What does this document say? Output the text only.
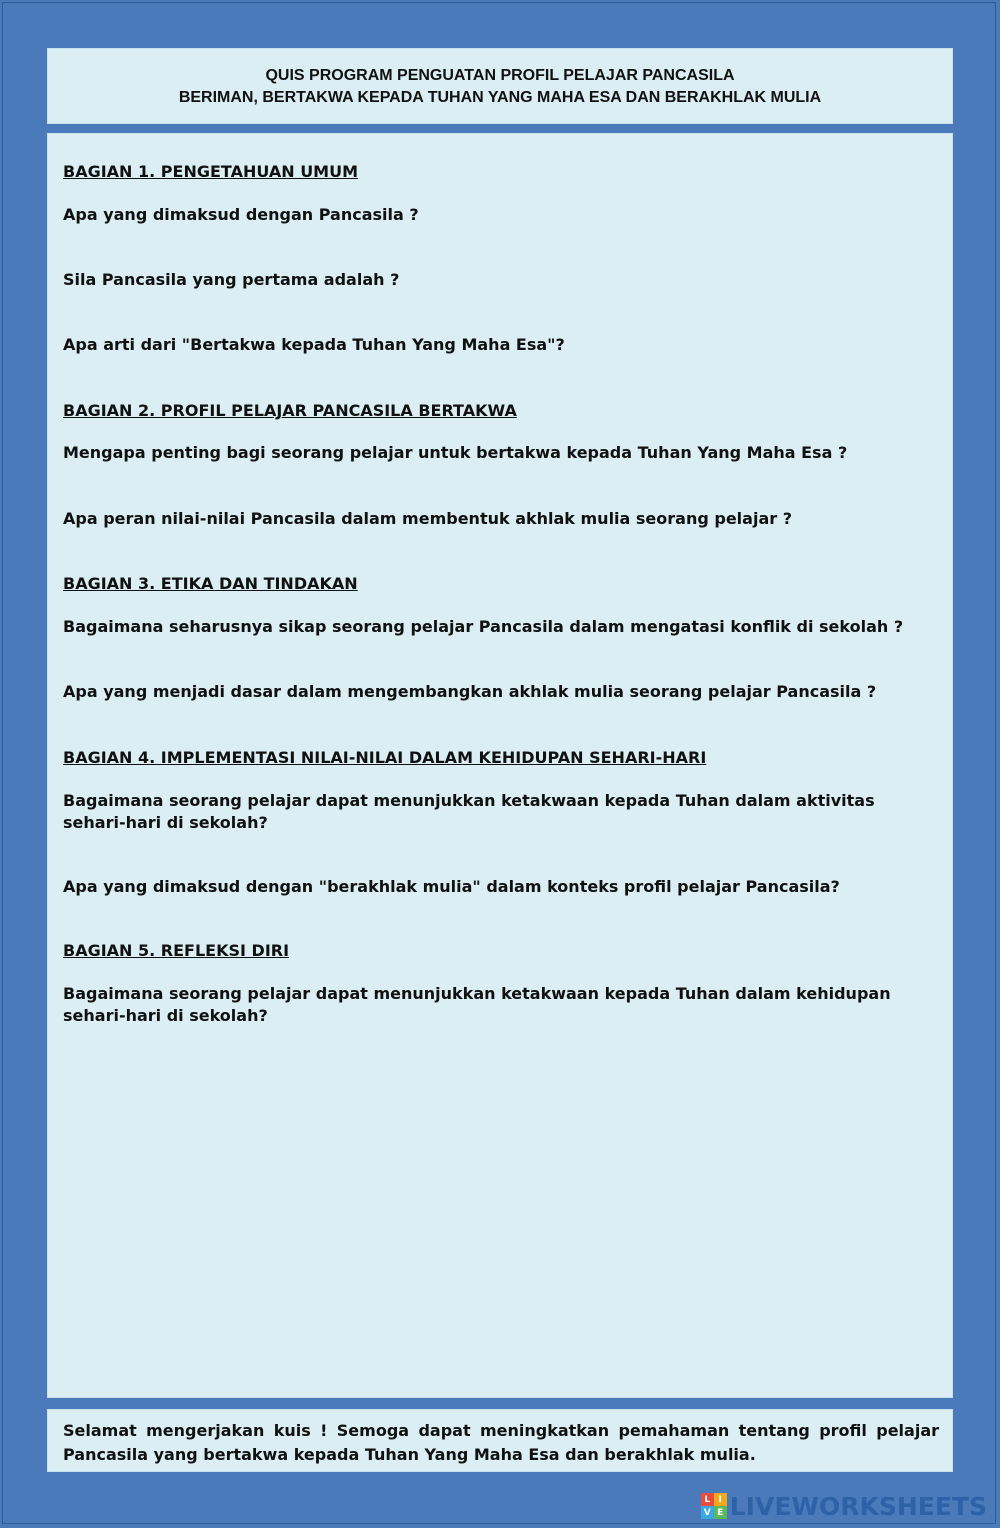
QUIS PROGRAM PENGUATAN PROFIL PELAJAR PANCASILA
BERIMAN, BERTAKWA KEPADA TUHAN YANG MAHA ESA DAN BERAKHLAK MULIA
BAGIAN 1. PENGETAHUAN UMUM
Apa yang dimaksud dengan Pancasila ?
Sila Pancasila yang pertama adalah ?
Apa arti dari "Bertakwa kepada Tuhan Yang Maha Esa"?
BAGIAN 2. PROFIL PELAJAR PANCASILA BERTAKWA
Mengapa penting bagi seorang pelajar untuk bertakwa kepada Tuhan Yang Maha Esa ?
Apa peran nilai-nilai Pancasila dalam membentuk akhlak mulia seorang pelajar ?
BAGIAN 3. ETIKA DAN TINDAKAN
Bagaimana seharusnya sikap seorang pelajar Pancasila dalam mengatasi konflik di sekolah ?
Apa yang menjadi dasar dalam mengembangkan akhlak mulia seorang pelajar Pancasila ?
BAGIAN 4. IMPLEMENTASI NILAI-NILAI DALAM KEHIDUPAN SEHARI-HARI
Bagaimana seorang pelajar dapat menunjukkan ketakwaan kepada Tuhan dalam aktivitas sehari-hari di sekolah?
Apa yang dimaksud dengan "berakhlak mulia" dalam konteks profil pelajar Pancasila?
BAGIAN 5. REFLEKSI DIRI
Bagaimana seorang pelajar dapat menunjukkan ketakwaan kepada Tuhan dalam kehidupan sehari-hari di sekolah?
Selamat mengerjakan kuis ! Semoga dapat meningkatkan pemahaman tentang profil pelajar Pancasila yang bertakwa kepada Tuhan Yang Maha Esa dan berakhlak mulia.
L I
V E LIVEWORKSHEETS
